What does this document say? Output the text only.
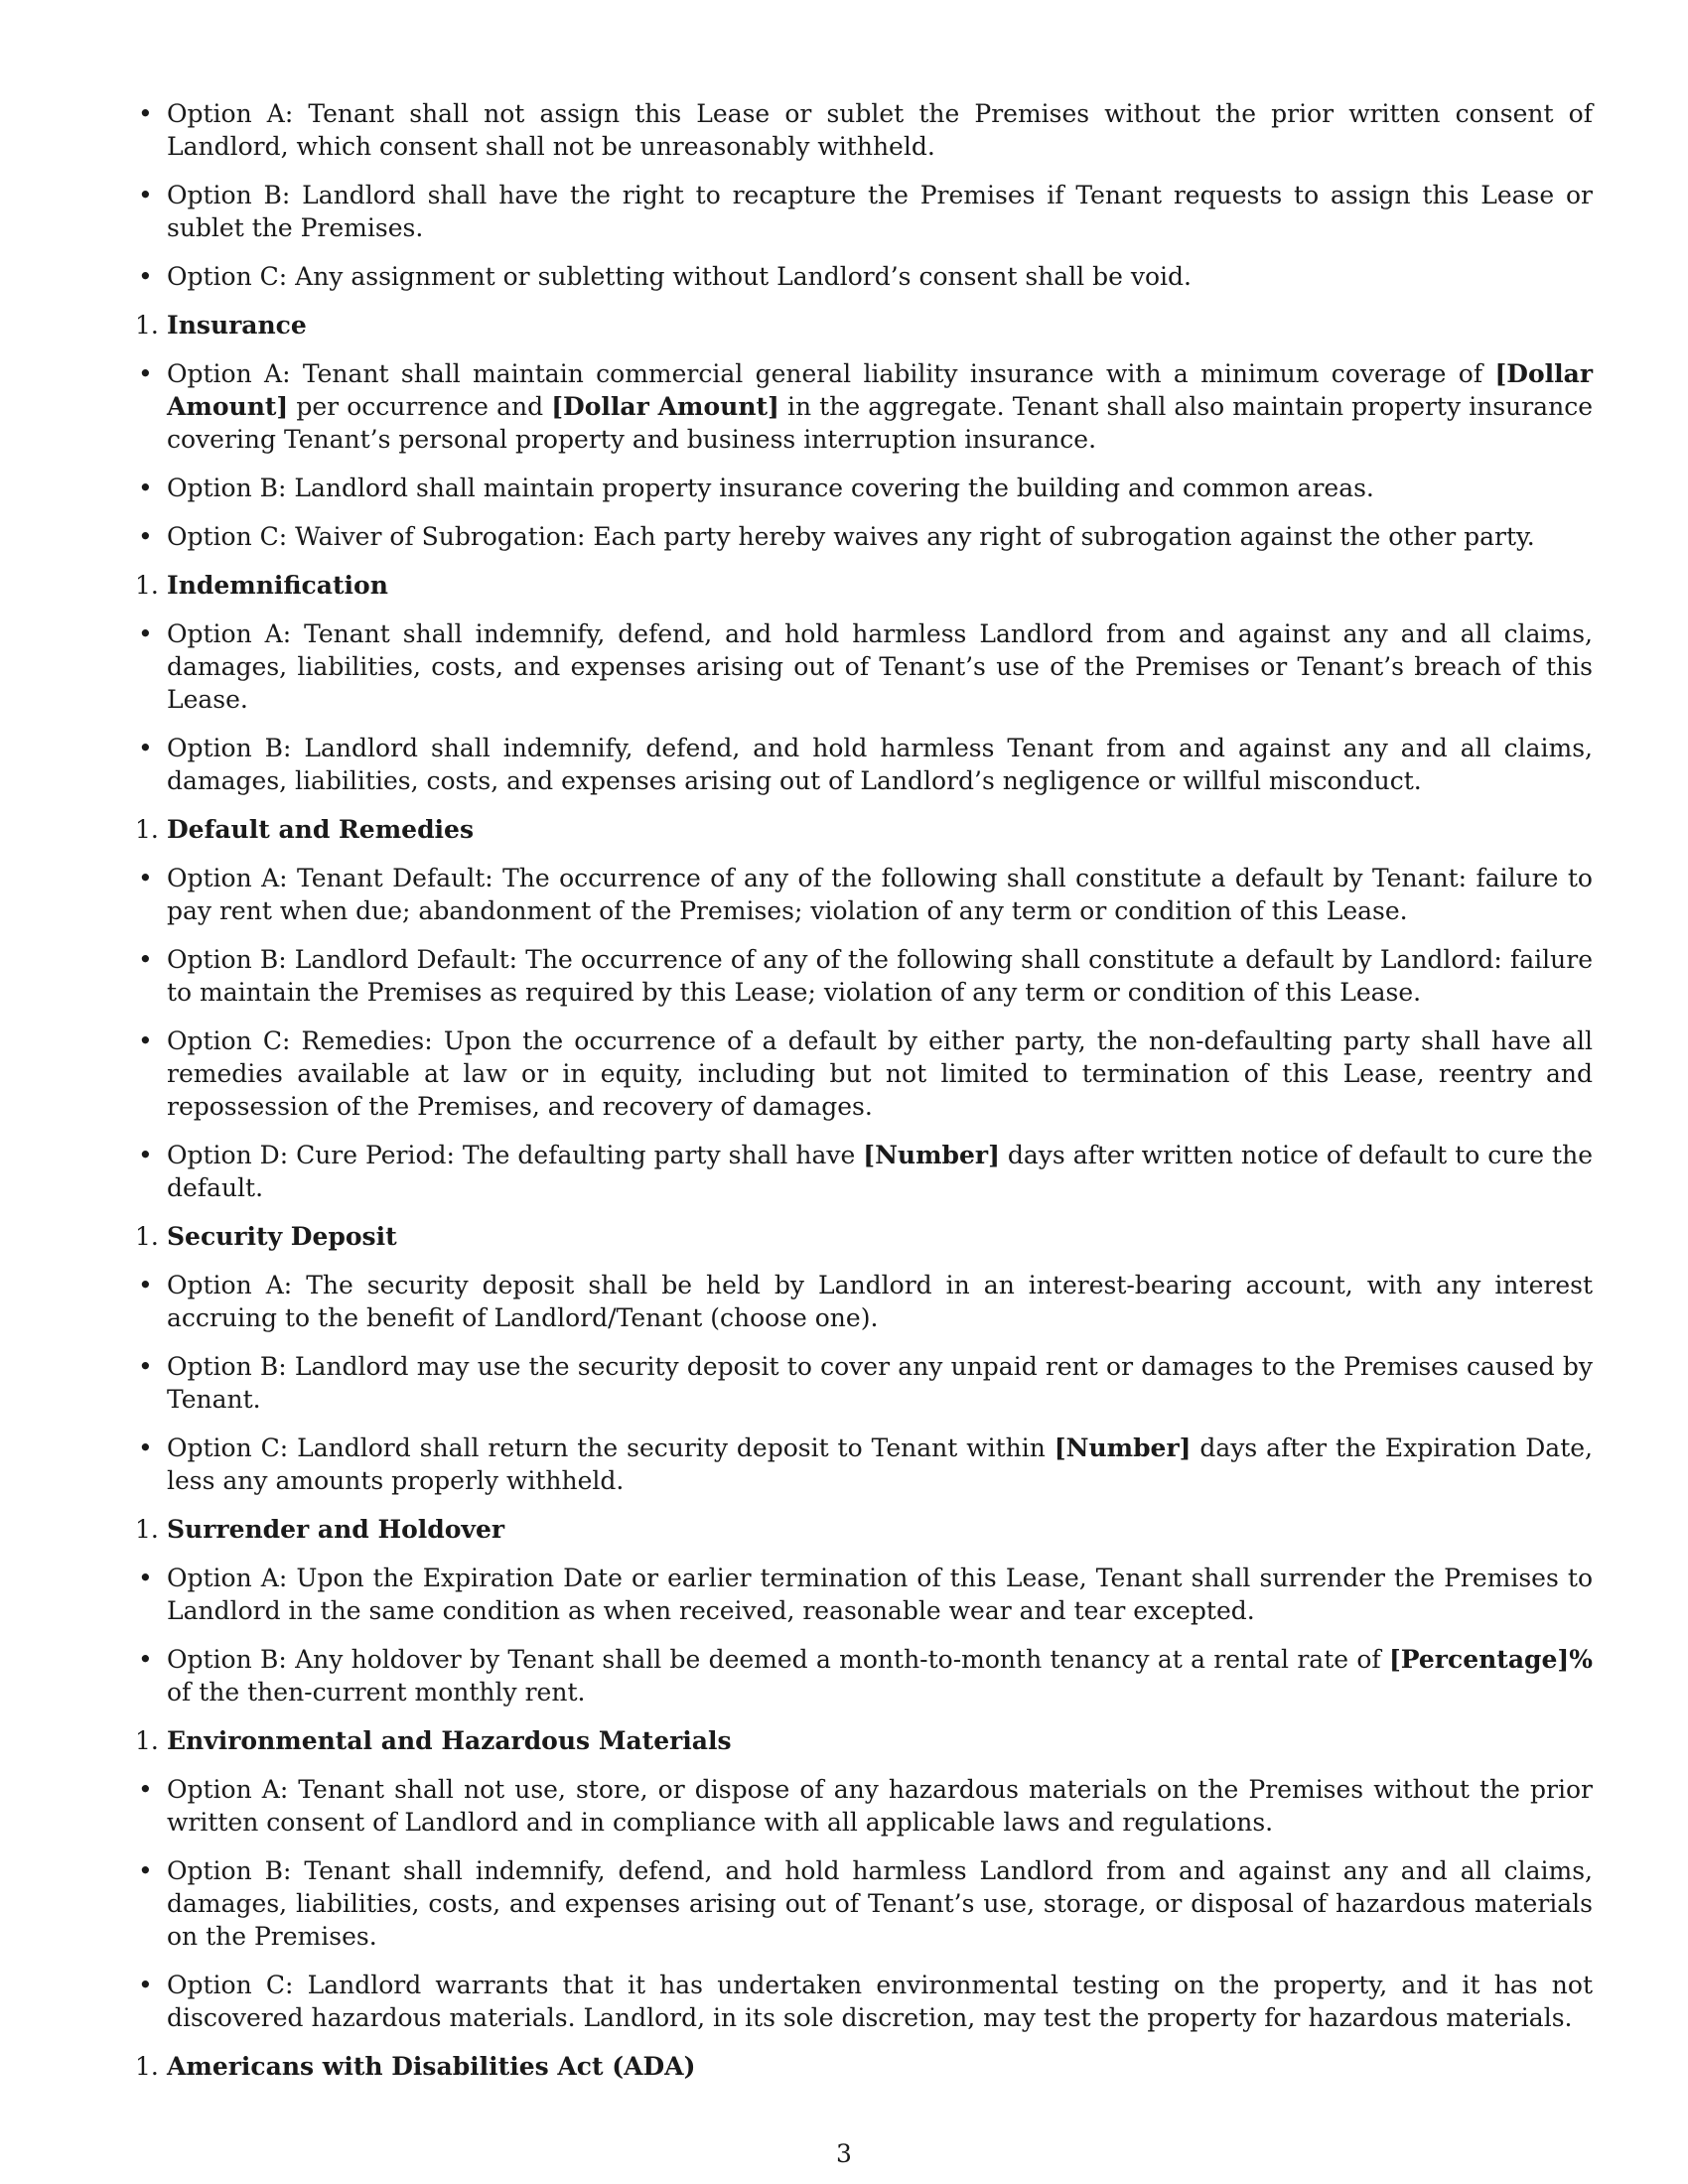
• Option A: Tenant shall not assign this Lease or sublet the Premises without the prior written consent of Landlord, which consent shall not be unreasonably withheld.
• Option B: Landlord shall have the right to recapture the Premises if Tenant requests to assign this Lease or sublet the Premises.
• Option C: Any assignment or subletting without Landlord’s consent shall be void.
1. Insurance
• Option A: Tenant shall maintain commercial general liability insurance with a minimum coverage of [Dollar Amount] per occurrence and [Dollar Amount] in the aggregate. Tenant shall also maintain property insurance covering Tenant’s personal property and business interruption insurance.
• Option B: Landlord shall maintain property insurance covering the building and common areas.
• Option C: Waiver of Subrogation: Each party hereby waives any right of subrogation against the other party.
1. Indemnification
• Option A: Tenant shall indemnify, defend, and hold harmless Landlord from and against any and all claims, damages, liabilities, costs, and expenses arising out of Tenant’s use of the Premises or Tenant’s breach of this Lease.
• Option B: Landlord shall indemnify, defend, and hold harmless Tenant from and against any and all claims, damages, liabilities, costs, and expenses arising out of Landlord’s negligence or willful misconduct.
1. Default and Remedies
• Option A: Tenant Default: The occurrence of any of the following shall constitute a default by Tenant: failure to pay rent when due; abandonment of the Premises; violation of any term or condition of this Lease.
• Option B: Landlord Default: The occurrence of any of the following shall constitute a default by Landlord: failure to maintain the Premises as required by this Lease; violation of any term or condition of this Lease.
• Option C: Remedies: Upon the occurrence of a default by either party, the non-defaulting party shall have all remedies available at law or in equity, including but not limited to termination of this Lease, reentry and repossession of the Premises, and recovery of damages.
• Option D: Cure Period: The defaulting party shall have [Number] days after written notice of default to cure the default.
1. Security Deposit
• Option A: The security deposit shall be held by Landlord in an interest-bearing account, with any interest accruing to the benefit of Landlord/Tenant (choose one).
• Option B: Landlord may use the security deposit to cover any unpaid rent or damages to the Premises caused by Tenant.
• Option C: Landlord shall return the security deposit to Tenant within [Number] days after the Expiration Date, less any amounts properly withheld.
1. Surrender and Holdover
• Option A: Upon the Expiration Date or earlier termination of this Lease, Tenant shall surrender the Premises to Landlord in the same condition as when received, reasonable wear and tear excepted.
• Option B: Any holdover by Tenant shall be deemed a month-to-month tenancy at a rental rate of [Percentage]% of the then-current monthly rent.
1. Environmental and Hazardous Materials
• Option A: Tenant shall not use, store, or dispose of any hazardous materials on the Premises without the prior written consent of Landlord and in compliance with all applicable laws and regulations.
• Option B: Tenant shall indemnify, defend, and hold harmless Landlord from and against any and all claims, damages, liabilities, costs, and expenses arising out of Tenant’s use, storage, or disposal of hazardous materials on the Premises.
• Option C: Landlord warrants that it has undertaken environmental testing on the property, and it has not discovered hazardous materials. Landlord, in its sole discretion, may test the property for hazardous materials.
1. Americans with Disabilities Act (ADA)
3
